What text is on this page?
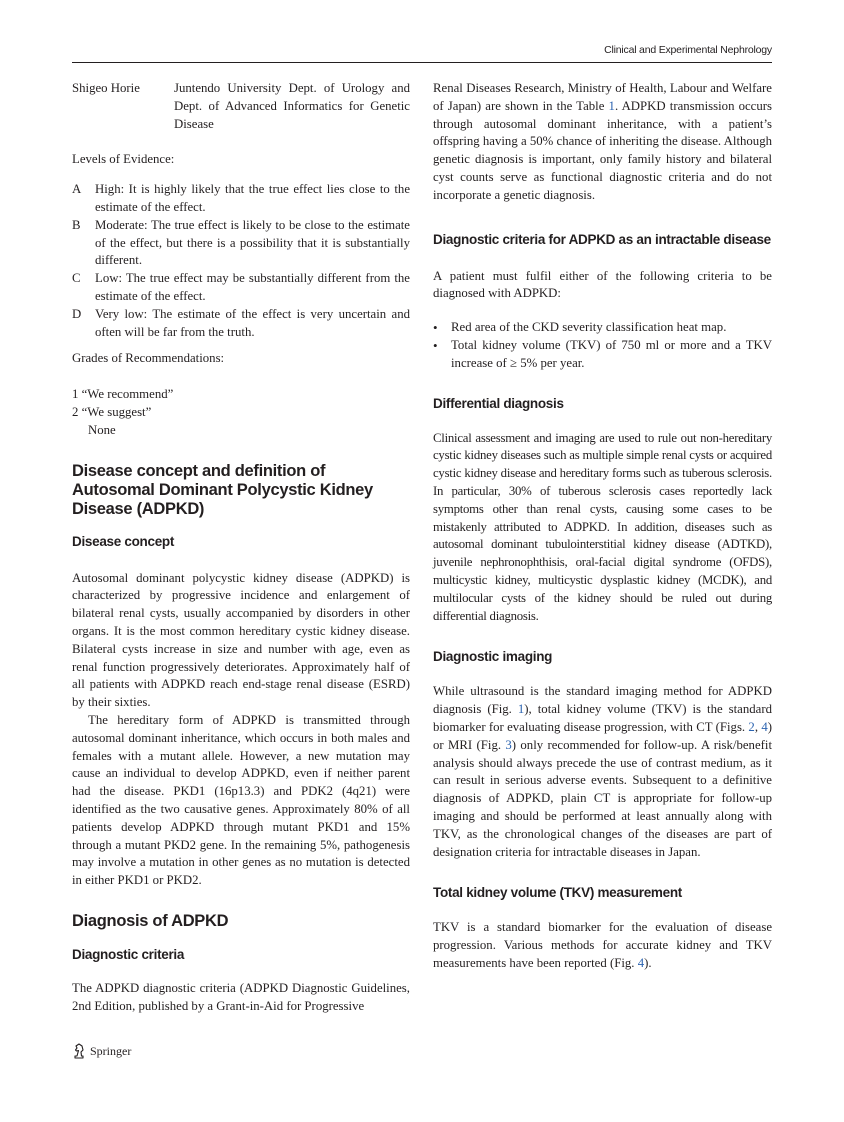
Clinical and Experimental Nephrology
Shigeo Horie	Juntendo University Dept. of Urology and Dept. of Advanced Informatics for Genetic Disease

Levels of Evidence:

A	High: It is highly likely that the true effect lies close to the estimate of the effect.
B	Moderate: The true effect is likely to be close to the estimate of the effect, but there is a possibility that it is substantially different.
C	Low: The true effect may be substantially different from the estimate of the effect.
D	Very low: The estimate of the effect is very uncertain and often will be far from the truth.

Grades of Recommendations:

1 “We recommend”

2 “We suggest”

None

Disease concept and definition of Autosomal Dominant Polycystic Kidney Disease (ADPKD)
Disease concept

Autosomal dominant polycystic kidney disease (ADPKD) is characterized by progressive incidence and enlargement of bilateral renal cysts, usually accompanied by disorders in other organs. It is the most common hereditary cystic kidney disease. Bilateral cysts increase in size and number with age, even as renal function progressively deteriorates. Approximately half of all patients with ADPKD reach end-stage renal disease (ESRD) by their sixties.

The hereditary form of ADPKD is transmitted through autosomal dominant inheritance, which occurs in both males and females with a mutant allele. However, a new mutation may cause an individual to develop ADPKD, even if neither parent had the disease. PKD1 (16p13.3) and PDK2 (4q21) were identified as the two causative genes. Approximately 80% of all patients develop ADPKD through mutant PKD1 and 15% through a mutant PKD2 gene. In the remaining 5%, pathogenesis may involve a mutation in other genes as no mutation is detected in either PKD1 or PKD2.

Diagnosis of ADPKD
Diagnostic criteria

The ADPKD diagnostic criteria (ADPKD Diagnostic Guidelines, 2nd Edition, published by a Grant-in-Aid for Progressive

Renal Diseases Research, Ministry of Health, Labour and Welfare of Japan) are shown in the Table 1. ADPKD transmission occurs through autosomal dominant inheritance, with a patient’s offspring having a 50% chance of inheriting the disease. Although genetic diagnosis is important, only family history and bilateral cyst counts serve as functional diagnostic criteria and do not incorporate a genetic diagnosis.

Diagnostic criteria for ADPKD as an intractable disease

A patient must fulfil either of the following criteria to be diagnosed with ADPKD:

•	Red area of the CKD severity classification heat map.
•	Total kidney volume (TKV) of 750 ml or more and a TKV increase of ≥ 5% per year.
Differential diagnosis

Clinical assessment and imaging are used to rule out non-hereditary cystic kidney diseases such as multiple simple renal cysts or acquired cystic kidney disease and hereditary forms such as tuberous sclerosis. In particular, 30% of tuberous sclerosis cases reportedly lack symptoms other than renal cysts, causing some cases to be mistakenly attributed to ADPKD. In addition, diseases such as autosomal dominant tubulointerstitial kidney disease (ADTKD), juvenile nephronophthisis, oral-facial digital syndrome (OFDS), multicystic kidney, multicystic dysplastic kidney (MCDK), and multilocular cysts of the kidney should be ruled out during differential diagnosis.

Diagnostic imaging

While ultrasound is the standard imaging method for ADPKD diagnosis (Fig. 1), total kidney volume (TKV) is the standard biomarker for evaluating disease progression, with CT (Figs. 2, 4) or MRI (Fig. 3) only recommended for follow-up. A risk/benefit analysis should always precede the use of contrast medium, as it can result in serious adverse events. Subsequent to a definitive diagnosis of ADPKD, plain CT is appropriate for follow-up imaging and should be performed at least annually along with TKV, as the chronological changes of the diseases are part of designation criteria for intractable diseases in Japan.

Total kidney volume (TKV) measurement

TKV is a standard biomarker for the evaluation of disease progression. Various methods for accurate kidney and TKV measurements have been reported (Fig. 4).

Springer
